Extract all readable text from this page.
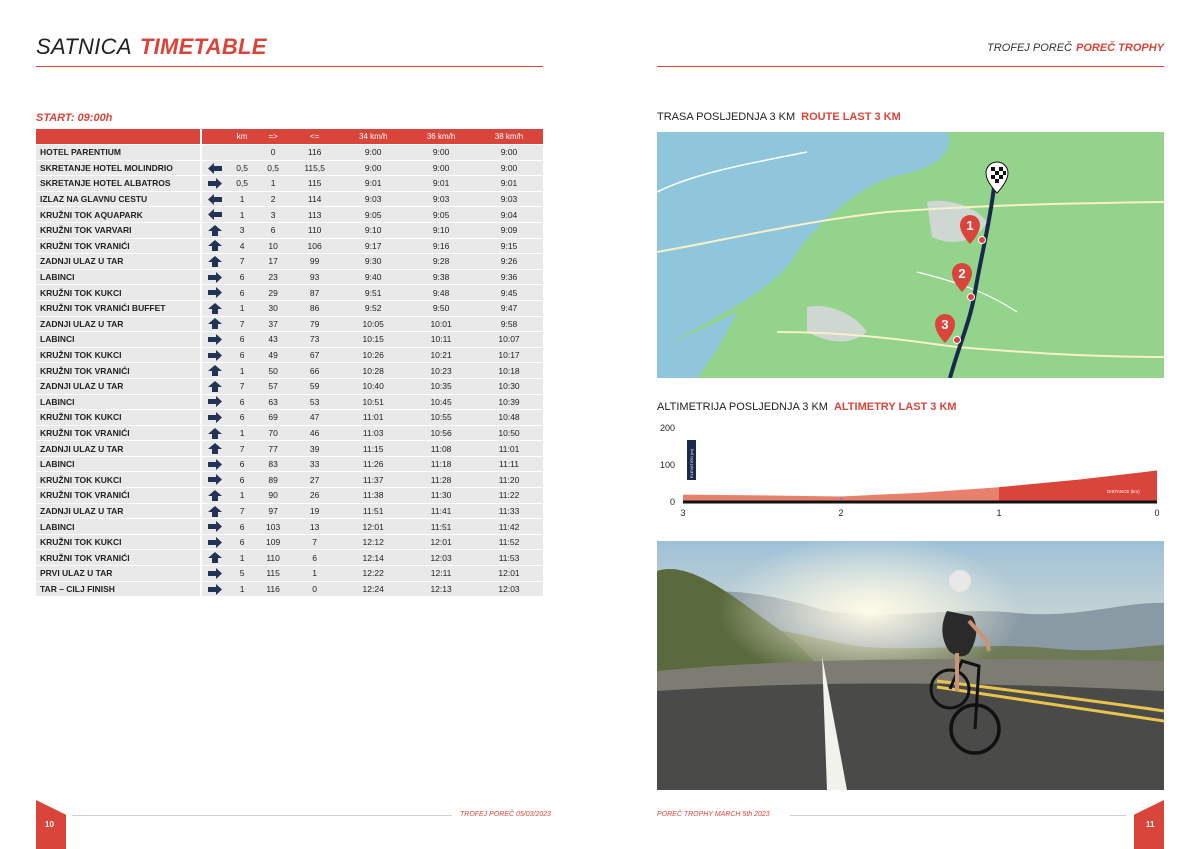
SATNICA TIMETABLE
START: 09:00h
		km	=>	<=	34 km/h	36 km/h	38 km/h
HOTEL PARENTIUM			0	116	9:00	9:00	9:00
SKRETANJE HOTEL MOLINDRIO		0,5	0,5	115,5	9:00	9:00	9:00
SKRETANJE HOTEL ALBATROS		0,5	1	115	9:01	9:01	9:01
IZLAZ NA GLAVNU CESTU		1	2	114	9:03	9:03	9:03
KRUŽNI TOK AQUAPARK		1	3	113	9:05	9:05	9:04
KRUŽNI TOK VARVARI		3	6	110	9:10	9:10	9:09
KRUŽNI TOK VRANIĆI		4	10	106	9:17	9:16	9:15
ZADNJI ULAZ U TAR		7	17	99	9:30	9:28	9:26
LABINCI		6	23	93	9:40	9:38	9:36
KRUŽNI TOK KUKCI		6	29	87	9:51	9:48	9:45
KRUŽNI TOK VRANIĆI BUFFET		1	30	86	9:52	9:50	9:47
ZADNJI ULAZ U TAR		7	37	79	10:05	10:01	9:58
LABINCI		6	43	73	10:15	10:11	10:07
KRUŽNI TOK KUKCI		6	49	67	10:26	10:21	10:17
KRUŽNI TOK VRANIĆI		1	50	66	10:28	10:23	10:18
ZADNJI ULAZ U TAR		7	57	59	10:40	10:35	10:30
LABINCI		6	63	53	10:51	10:45	10:39
KRUŽNI TOK KUKCI		6	69	47	11:01	10:55	10:48
KRUŽNI TOK VRANIĆI		1	70	46	11:03	10:56	10:50
ZADNJI ULAZ U TAR		7	77	39	11:15	11:08	11:01
LABINCI		6	83	33	11:26	11:18	11:11
KRUŽNI TOK KUKCI		6	89	27	11:37	11:28	11:20
KRUŽNI TOK VRANIĆI		1	90	26	11:38	11:30	11:22
ZADNJI ULAZ U TAR		7	97	19	11:51	11:41	11:33
LABINCI		6	103	13	12:01	11:51	11:42
KRUŽNI TOK KUKCI		6	109	7	12:12	12:01	11:52
KRUŽNI TOK VRANIĆI		1	110	6	12:14	12:03	11:53
PRVI ULAZ U TAR		5	115	1	12:22	12:11	12:01
TAR – CILJ FINISH		1	116	0	12:24	12:13	12:03
10
TROFEJ POREČ 05/03/2023
TROFEJ POREČ POREČ TROPHY
TRASA POSLJEDNJA 3 KM ROUTE LAST 3 KM
1
2
3
ALTIMETRIJA POSLJEDNJA 3 KM ALTIMETRY LAST 3 KM
ELEVATION (m)
DISTANCE (km)
0
100
200
3	2	1	0
POREČ TROPHY MARCH 5th 2023
11
